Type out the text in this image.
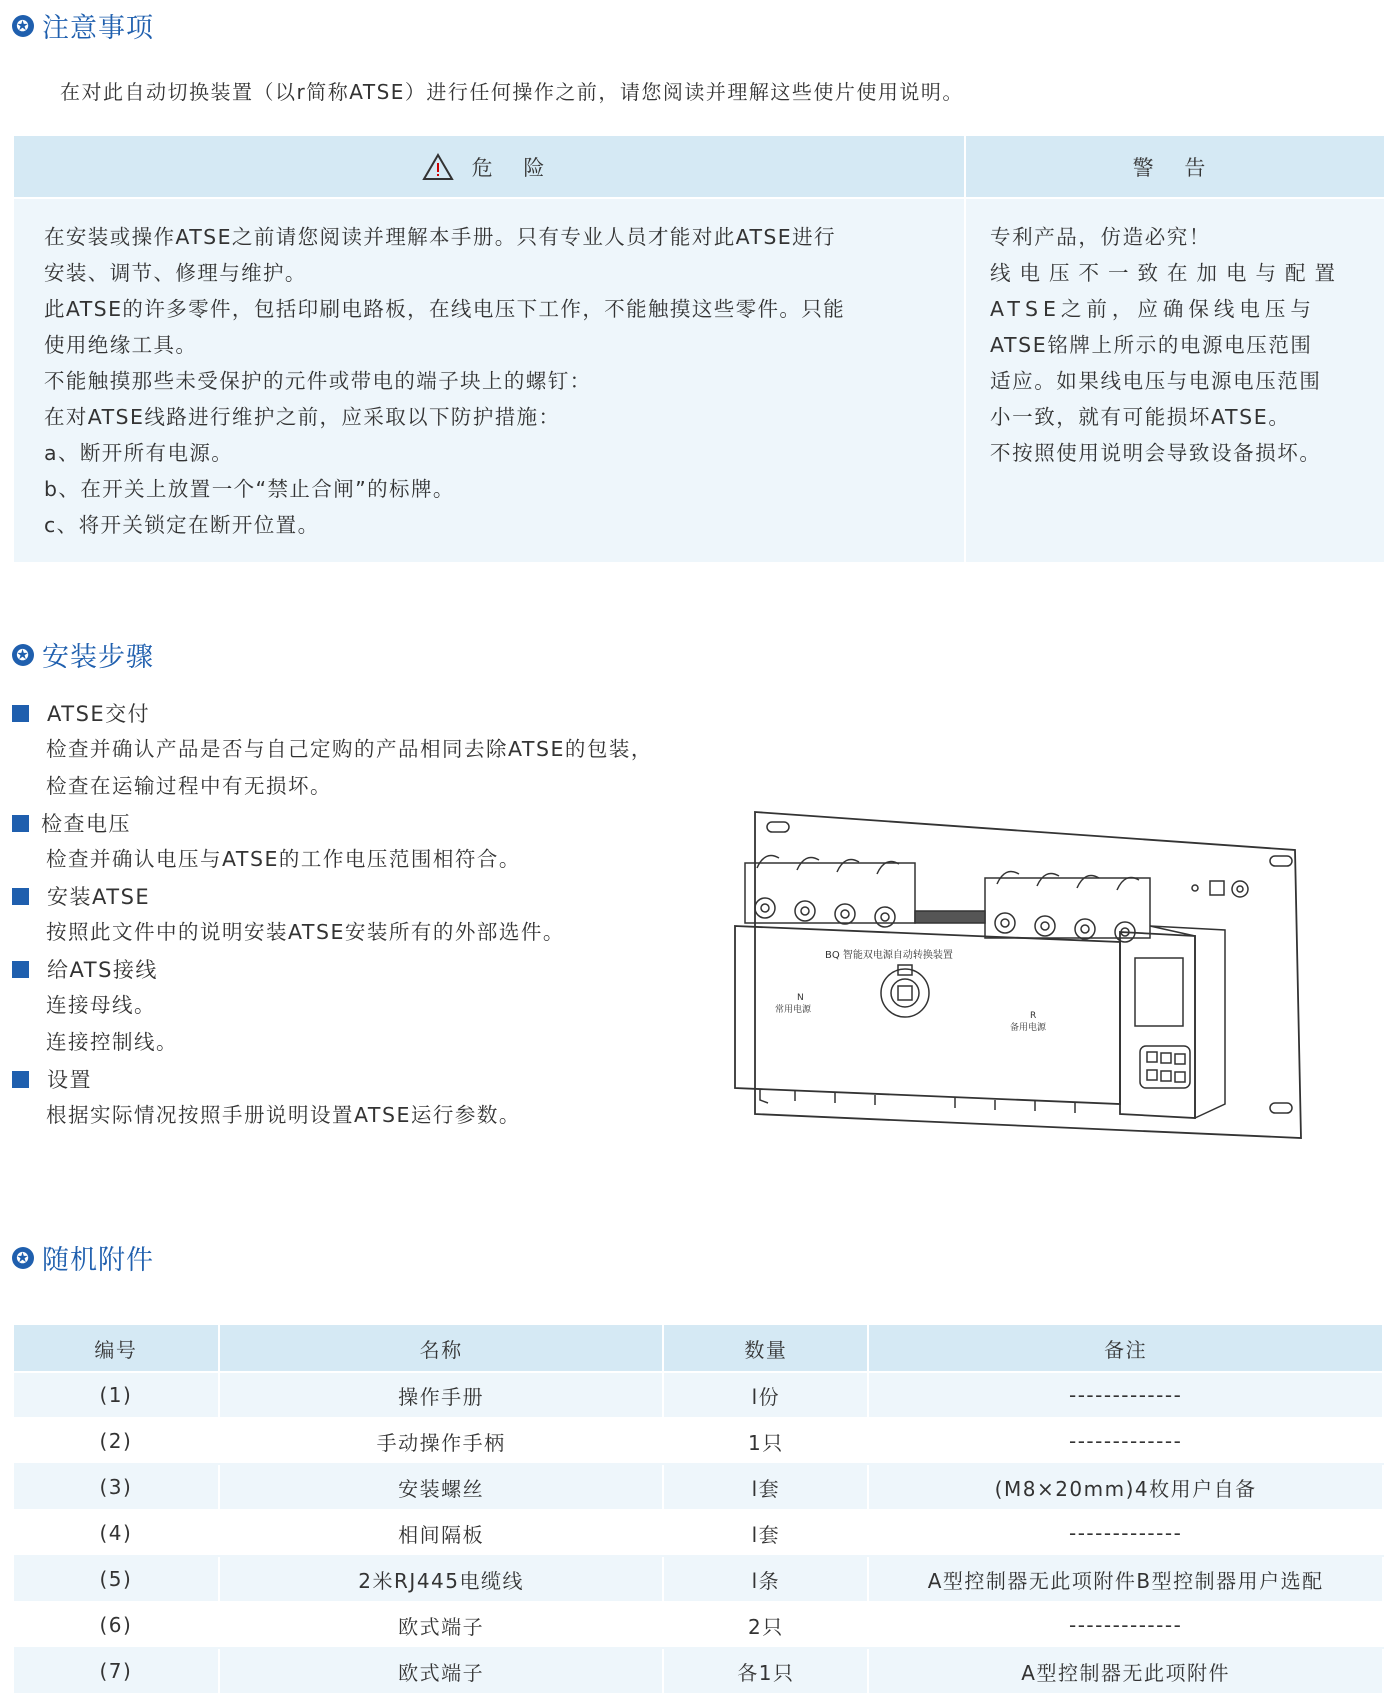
✪ 注意事项
在对此自动切换装置（以r简称ATSE）进行任何操作之前，请您阅读并理解这些使片使用说明。
危 险
在安装或操作ATSE之前请您阅读并理解本手册。只有专业人员才能对此ATSE进行
安装、调节、修理与维护。
此ATSE的许多零件，包括印刷电路板，在线电压下工作，不能触摸这些零件。只能
使用绝缘工具。
不能触摸那些未受保护的元件或带电的端子块上的螺钉：
在对ATSE线路进行维护之前，应采取以下防护措施：
a、断开所有电源。
b、在开关上放置一个“禁止合闸”的标牌。
c、将开关锁定在断开位置。
警 告
专利产品，仿造必究！
线电压不一致在加电与配置
ATSE之前，应确保线电压与
ATSE铭牌上所示的电源电压范围
适应。如果线电压与电源电压范围
小一致，就有可能损坏ATSE。
不按照使用说明会导致设备损坏。
✪ 安装步骤
ATSE交付
检查并确认产品是否与自己定购的产品相同去除ATSE的包装，
检查在运输过程中有无损坏。
检查电压
检查并确认电压与ATSE的工作电压范围相符合。
安装ATSE
按照此文件中的说明安装ATSE安装所有的外部选件。
给ATS接线
连接母线。
连接控制线。
设置
根据实际情况按照手册说明设置ATSE运行参数。
BQ 智能双电源自动转换装置
N
常用电源
R
备用电源
✪ 随机附件
编号	名称	数量	备注
(1)	操作手册	l份	-------------
(2)	手动操作手柄	1只	-------------
(3)	安装螺丝	l套	(M8×20mm)4枚用户自备
(4)	相间隔板	l套	-------------
(5)	2米RJ445电缆线	l条	A型控制器无此项附件B型控制器用户选配
(6)	欧式端子	2只	-------------
(7)	欧式端子	各1只	A型控制器无此项附件
